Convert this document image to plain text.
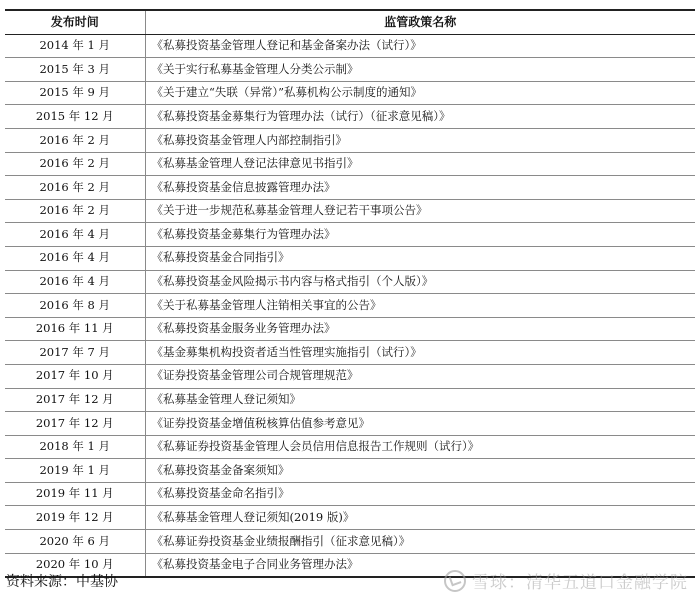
发布时间	监管政策名称
2014 年 1 月	《私募投资基金管理人登记和基金备案办法（试行）》
2015 年 3 月	《关于实行私募基金管理人分类公示制》
2015 年 9 月	《关于建立“失联（异常）”私募机构公示制度的通知》
2015 年 12 月	《私募投资基金募集行为管理办法（试行）（征求意见稿）》
2016 年 2 月	《私募投资基金管理人内部控制指引》
2016 年 2 月	《私募基金管理人登记法律意见书指引》
2016 年 2 月	《私募投资基金信息披露管理办法》
2016 年 2 月	《关于进一步规范私募基金管理人登记若干事项公告》
2016 年 4 月	《私募投资基金募集行为管理办法》
2016 年 4 月	《私募投资基金合同指引》
2016 年 4 月	《私募投资基金风险揭示书内容与格式指引（个人版）》
2016 年 8 月	《关于私募基金管理人注销相关事宜的公告》
2016 年 11 月	《私募投资基金服务业务管理办法》
2017 年 7 月	《基金募集机构投资者适当性管理实施指引（试行）》
2017 年 10 月	《证券投资基金管理公司合规管理规范》
2017 年 12 月	《私募基金管理人登记须知》
2017 年 12 月	《证券投资基金增值税核算估值参考意见》
2018 年 1 月	《私募证券投资基金管理人会员信用信息报告工作规则（试行）》
2019 年 1 月	《私募投资基金备案须知》
2019 年 11 月	《私募投资基金命名指引》
2019 年 12 月	《私募基金管理人登记须知(2019 版)》
2020 年 6 月	《私募证券投资基金业绩报酬指引（征求意见稿）》
2020 年 10 月	《私募投资基金电子合同业务管理办法》
资料来源：中基协	雪球：清华五道口金融学院
